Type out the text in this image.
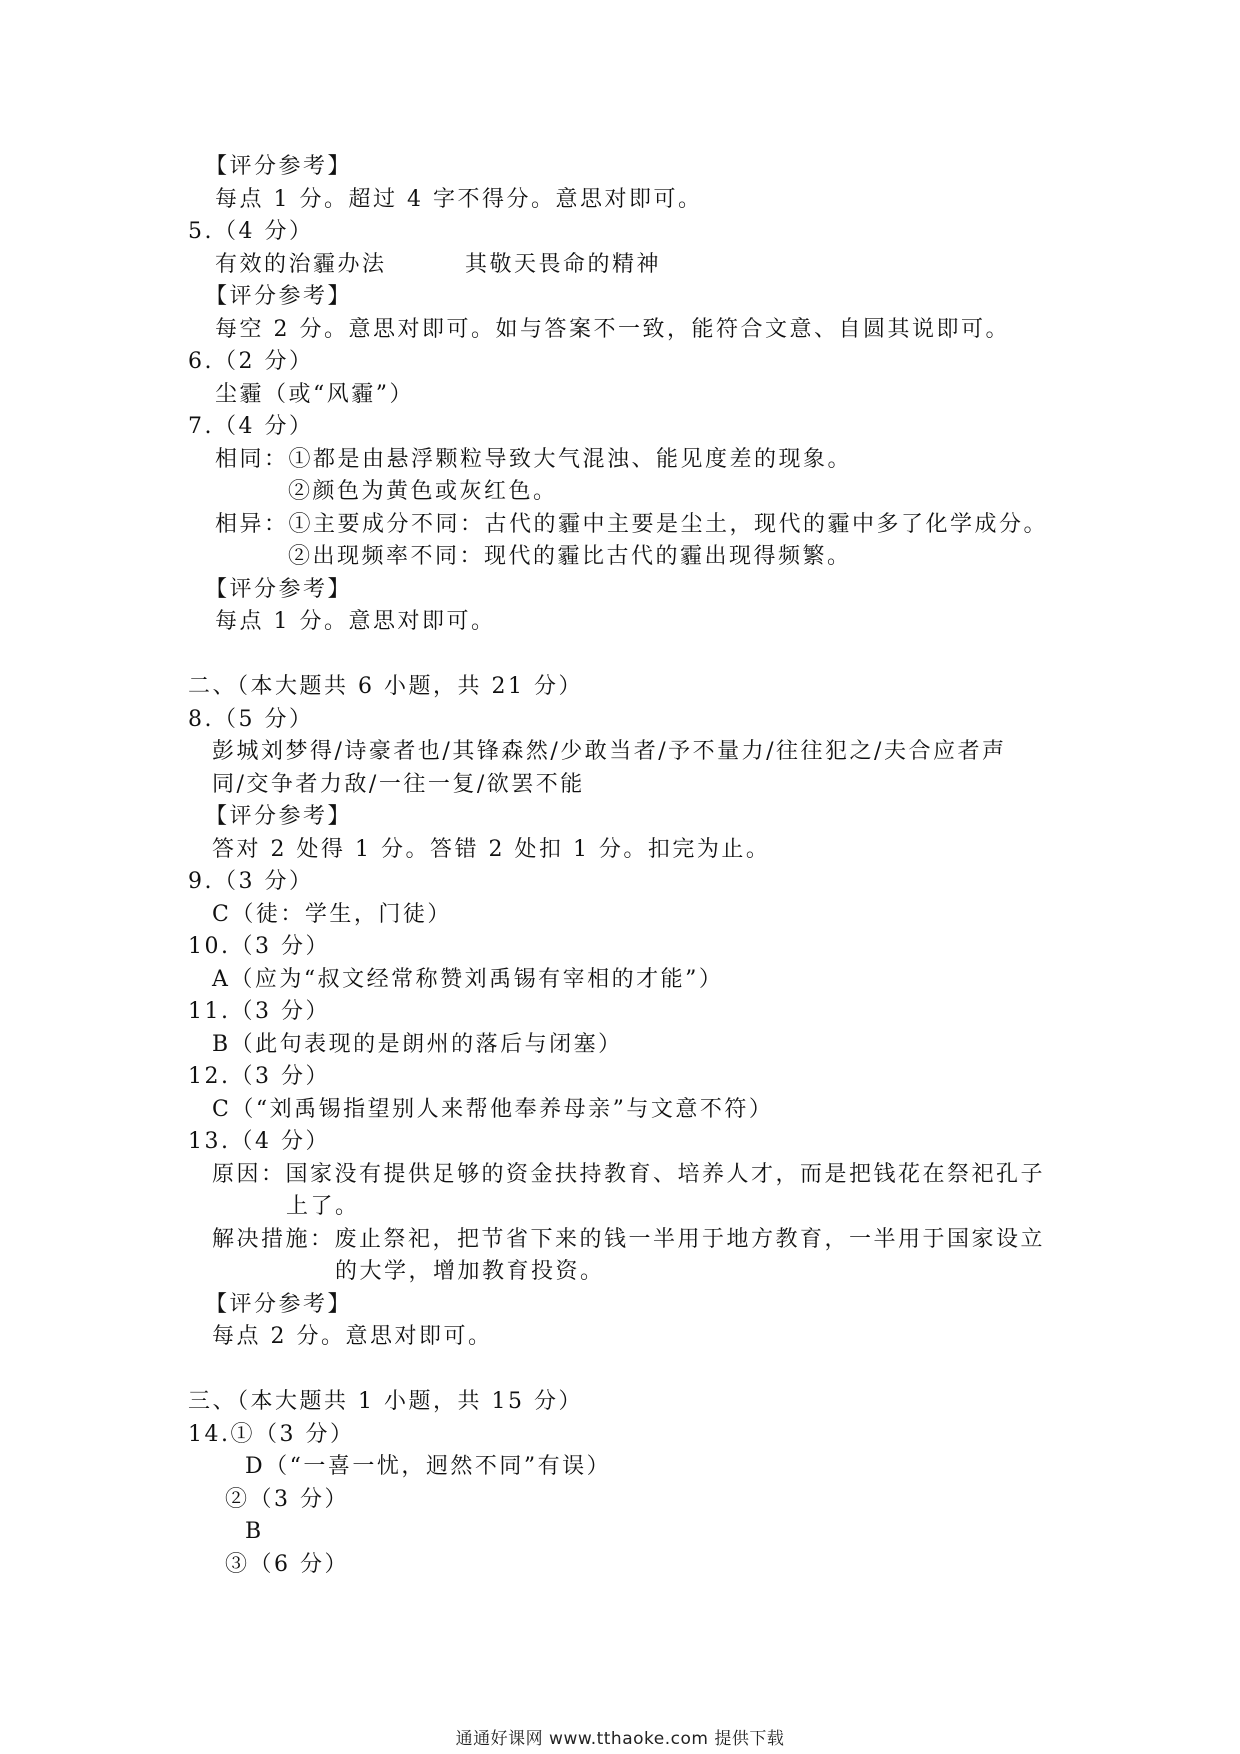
【评分参考】
每点 1 分。超过 4 字不得分。意思对即可。
5.（4 分）
有效的治霾办法	其敬天畏命的精神
【评分参考】
每空 2 分。意思对即可。如与答案不一致，能符合文意、自圆其说即可。
6.（2 分）
尘霾（或“风霾”）
7.（4 分）
相同：①都是由悬浮颗粒导致大气混浊、能见度差的现象。
②颜色为黄色或灰红色。
相异：①主要成分不同：古代的霾中主要是尘土，现代的霾中多了化学成分。
②出现频率不同：现代的霾比古代的霾出现得频繁。
【评分参考】
每点 1 分。意思对即可。
二、（本大题共 6 小题，共 21 分）
8.（5 分）
彭城刘梦得/诗豪者也/其锋森然/少敢当者/予不量力/往往犯之/夫合应者声
同/交争者力敌/一往一复/欲罢不能
【评分参考】
答对 2 处得 1 分。答错 2 处扣 1 分。扣完为止。
9.（3 分）
C（徒：学生，门徒）
10.（3 分）
A（应为“叔文经常称赞刘禹锡有宰相的才能”）
11.（3 分）
B（此句表现的是朗州的落后与闭塞）
12.（3 分）
C（“刘禹锡指望别人来帮他奉养母亲”与文意不符）
13.（4 分）
原因：国家没有提供足够的资金扶持教育、培养人才，而是把钱花在祭祀孔子
上了。
解决措施：废止祭祀，把节省下来的钱一半用于地方教育，一半用于国家设立
的大学，增加教育投资。
【评分参考】
每点 2 分。意思对即可。
三、（本大题共 1 小题，共 15 分）
14.①（3 分）
D（“一喜一忧，迥然不同”有误）
②（3 分）
B
③（6 分）
通通好课网 www.tthaoke.com 提供下载
